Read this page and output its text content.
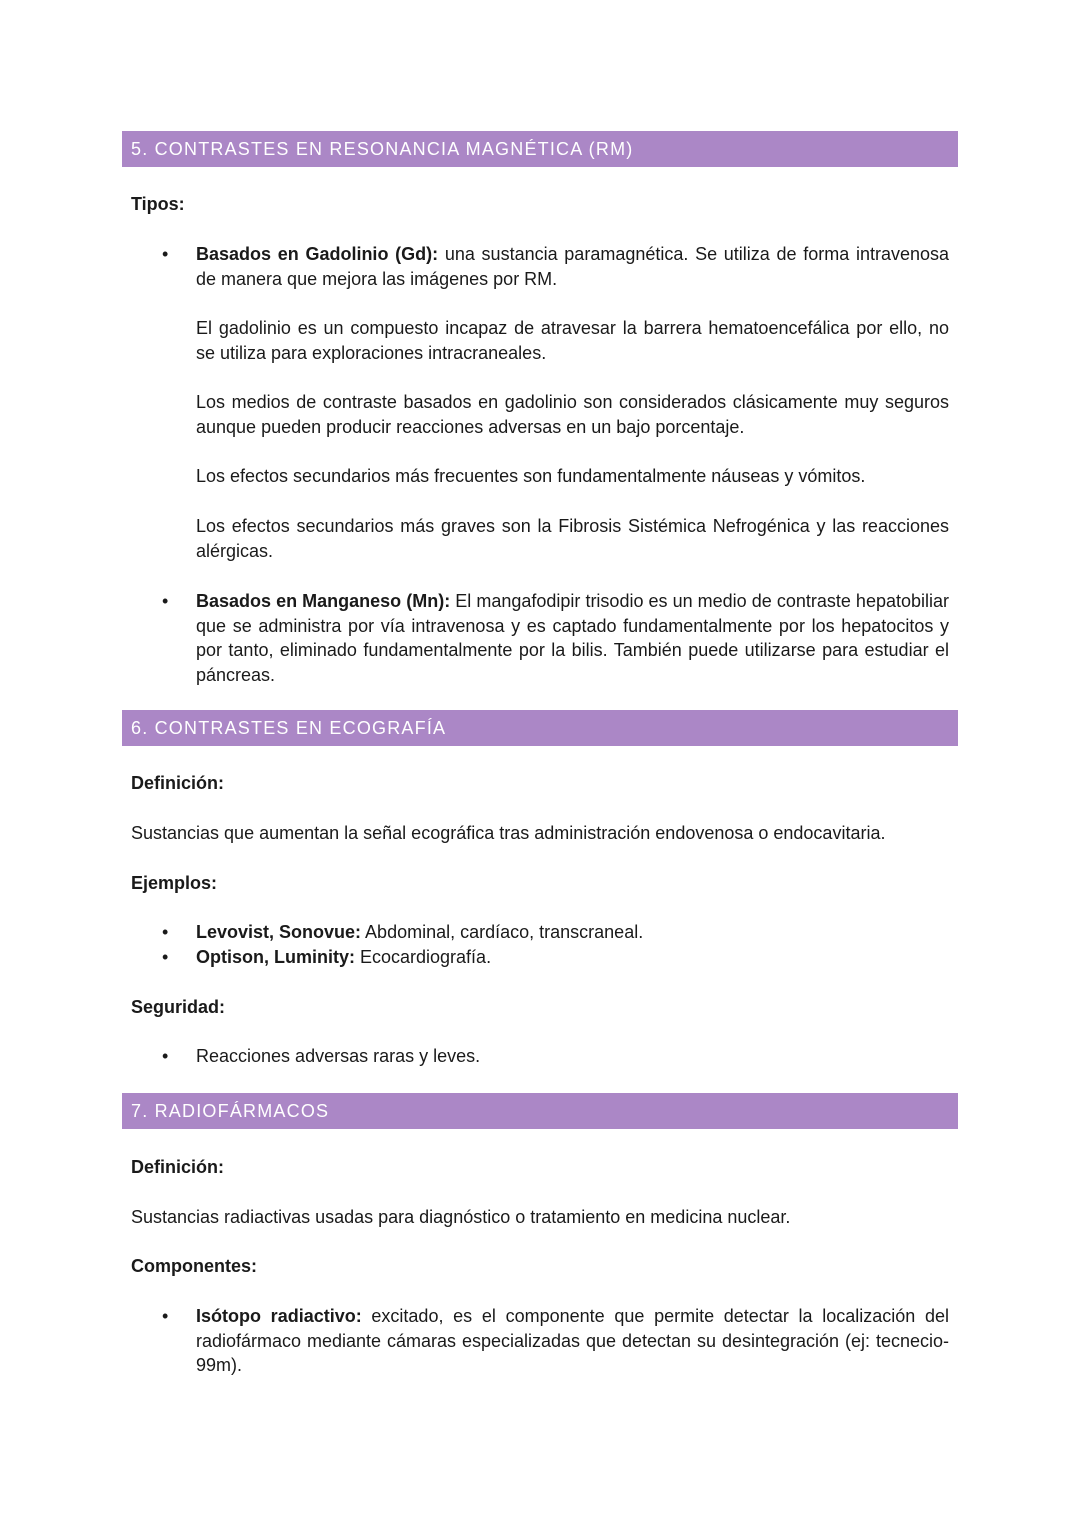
5. CONTRASTES EN RESONANCIA MAGNÉTICA (RM)
Tipos:
• Basados en Gadolinio (Gd): una sustancia paramagnética. Se utiliza de forma intravenosa de manera que mejora las imágenes por RM.
El gadolinio es un compuesto incapaz de atravesar la barrera hematoencefálica por ello, no se utiliza para exploraciones intracraneales.
Los medios de contraste basados en gadolinio son considerados clásicamente muy seguros aunque pueden producir reacciones adversas en un bajo porcentaje.
Los efectos secundarios más frecuentes son fundamentalmente náuseas y vómitos.
Los efectos secundarios más graves son la Fibrosis Sistémica Nefrogénica y las reacciones alérgicas.
• Basados en Manganeso (Mn): El mangafodipir trisodio es un medio de contraste hepatobiliar que se administra por vía intravenosa y es captado fundamentalmente por los hepatocitos y por tanto, eliminado fundamentalmente por la bilis. También puede utilizarse para estudiar el páncreas.
6. CONTRASTES EN ECOGRAFÍA
Definición:
Sustancias que aumentan la señal ecográfica tras administración endovenosa o endocavitaria.
Ejemplos:
• Levovist, Sonovue: Abdominal, cardíaco, transcraneal.
• Optison, Luminity: Ecocardiografía.
Seguridad:
• Reacciones adversas raras y leves.
7. RADIOFÁRMACOS
Definición:
Sustancias radiactivas usadas para diagnóstico o tratamiento en medicina nuclear.
Componentes:
• Isótopo radiactivo: excitado, es el componente que permite detectar la localización del radiofármaco mediante cámaras especializadas que detectan su desintegración (ej: tecnecio-99m).
